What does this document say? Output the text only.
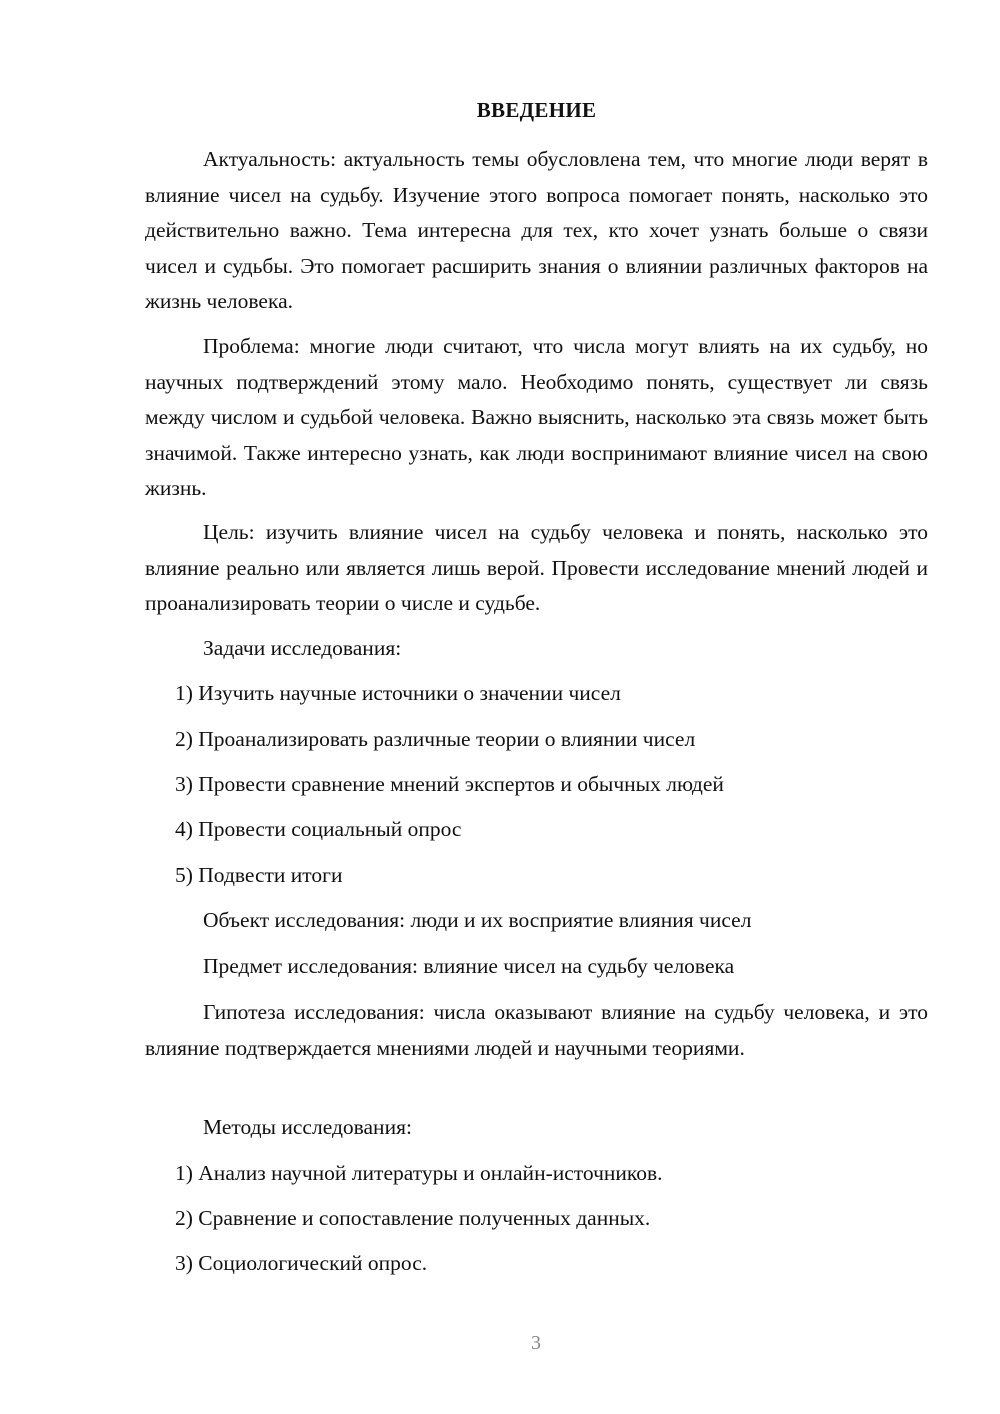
ВВЕДЕНИЕ

Актуальность: актуальность темы обусловлена тем, что многие люди верят в влияние чисел на судьбу. Изучение этого вопроса помогает понять, насколько это действительно важно. Тема интересна для тех, кто хочет узнать больше о связи чисел и судьбы. Это помогает расширить знания о влиянии различных факторов на жизнь человека.

Проблема: многие люди считают, что числа могут влиять на их судьбу, но научных подтверждений этому мало. Необходимо понять, существует ли связь между числом и судьбой человека. Важно выяснить, насколько эта связь может быть значимой. Также интересно узнать, как люди воспринимают влияние чисел на свою жизнь.

Цель: изучить влияние чисел на судьбу человека и понять, насколько это влияние реально или является лишь верой. Провести исследование мнений людей и проанализировать теории о числе и судьбе.

Задачи исследования:
1) Изучить научные источники о значении чисел
2) Проанализировать различные теории о влиянии чисел
3) Провести сравнение мнений экспертов и обычных людей
4) Провести социальный опрос
5) Подвести итоги
Объект исследования: люди и их восприятие влияния чисел
Предмет исследования: влияние чисел на судьбу человека

Гипотеза исследования: числа оказывают влияние на судьбу человека, и это влияние подтверждается мнениями людей и научными теориями.

Методы исследования:
1) Анализ научной литературы и онлайн-источников.
2) Сравнение и сопоставление полученных данных.
3) Социологический опрос.
3
